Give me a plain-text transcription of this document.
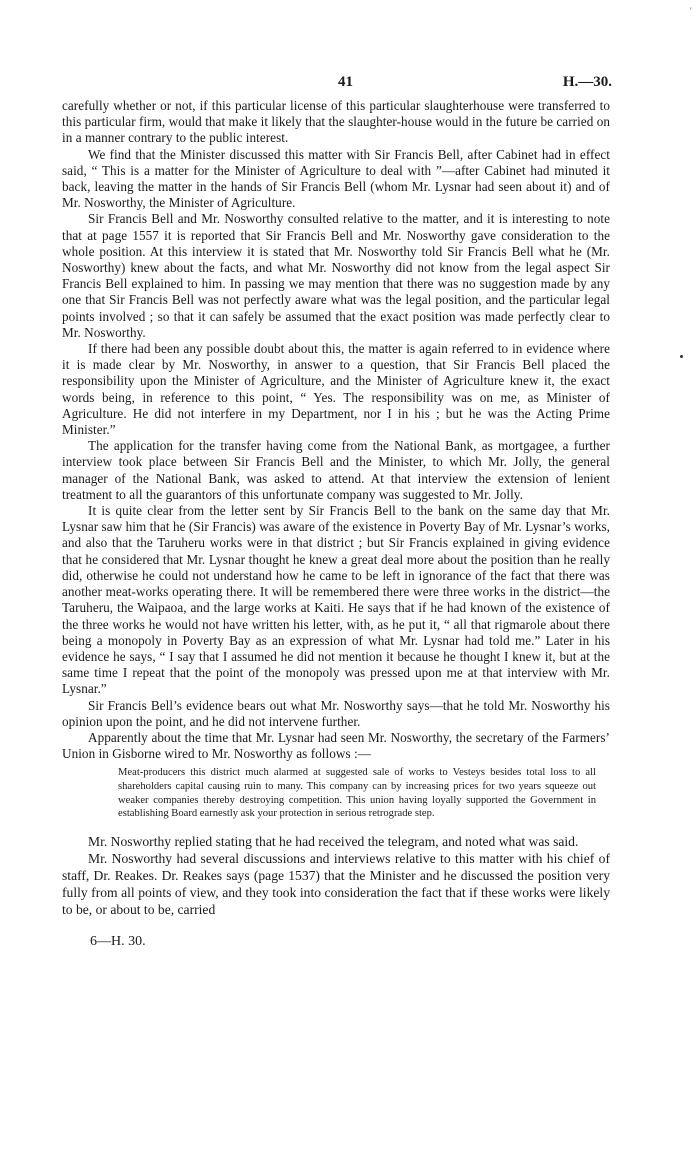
'
41	H.—30.

carefully whether or not, if this particular license of this particular slaughterhouse were transferred to this particular firm, would that make it likely that the slaughter-house would in the future be carried on in a manner contrary to the public interest.

We find that the Minister discussed this matter with Sir Francis Bell, after Cabinet had in effect said, “ This is a matter for the Minister of Agriculture to deal with ”—after Cabinet had minuted it back, leaving the matter in the hands of Sir Francis Bell (whom Mr. Lysnar had seen about it) and of Mr. Nosworthy, the Minister of Agriculture.

Sir Francis Bell and Mr. Nosworthy consulted relative to the matter, and it is interesting to note that at page 1557 it is reported that Sir Francis Bell and Mr. Nosworthy gave consideration to the whole position. At this interview it is stated that Mr. Nosworthy told Sir Francis Bell what he (Mr. Nosworthy) knew about the facts, and what Mr. Nosworthy did not know from the legal aspect Sir Francis Bell explained to him. In passing we may mention that there was no suggestion made by any one that Sir Francis Bell was not perfectly aware what was the legal position, and the particular legal points involved ; so that it can safely be assumed that the exact position was made perfectly clear to Mr. Nosworthy.

If there had been any possible doubt about this, the matter is again referred to in evidence where it is made clear by Mr. Nosworthy, in answer to a question, that Sir Francis Bell placed the responsibility upon the Minister of Agriculture, and the Minister of Agriculture knew it, the exact words being, in reference to this point, “ Yes. The responsibility was on me, as Minister of Agriculture. He did not interfere in my Department, nor I in his ; but he was the Acting Prime Minister.”

The application for the transfer having come from the National Bank, as mortgagee, a further interview took place between Sir Francis Bell and the Minister, to which Mr. Jolly, the general manager of the National Bank, was asked to attend. At that interview the extension of lenient treatment to all the guarantors of this unfortunate company was suggested to Mr. Jolly.

It is quite clear from the letter sent by Sir Francis Bell to the bank on the same day that Mr. Lysnar saw him that he (Sir Francis) was aware of the existence in Poverty Bay of Mr. Lysnar’s works, and also that the Taruheru works were in that district ; but Sir Francis explained in giving evidence that he considered that Mr. Lysnar thought he knew a great deal more about the position than he really did, otherwise he could not understand how he came to be left in ignorance of the fact that there was another meat-works operating there. It will be remembered there were three works in the district—the Taruheru, the Waipaoa, and the large works at Kaiti. He says that if he had known of the existence of the three works he would not have written his letter, with, as he put it, “ all that rigmarole about there being a monopoly in Poverty Bay as an expression of what Mr. Lysnar had told me.” Later in his evidence he says, “ I say that I assumed he did not mention it because he thought I knew it, but at the same time I repeat that the point of the monopoly was pressed upon me at that interview with Mr. Lysnar.”

Sir Francis Bell’s evidence bears out what Mr. Nosworthy says—that he told Mr. Nosworthy his opinion upon the point, and he did not intervene further.

Apparently about the time that Mr. Lysnar had seen Mr. Nosworthy, the secretary of the Farmers’ Union in Gisborne wired to Mr. Nosworthy as follows :—

Meat-producers this district much alarmed at suggested sale of works to Vesteys besides total loss to all shareholders capital causing ruin to many. This company can by increasing prices for two years squeeze out weaker companies thereby destroying competition. This union having loyally supported the Government in establishing Board earnestly ask your protection in serious retrograde step.

Mr. Nosworthy replied stating that he had received the telegram, and noted what was said.

Mr. Nosworthy had several discussions and interviews relative to this matter with his chief of staff, Dr. Reakes. Dr. Reakes says (page 1537) that the Minister and he discussed the position very fully from all points of view, and they took into consideration the fact that if these works were likely to be, or about to be, carried

6—H. 30.
